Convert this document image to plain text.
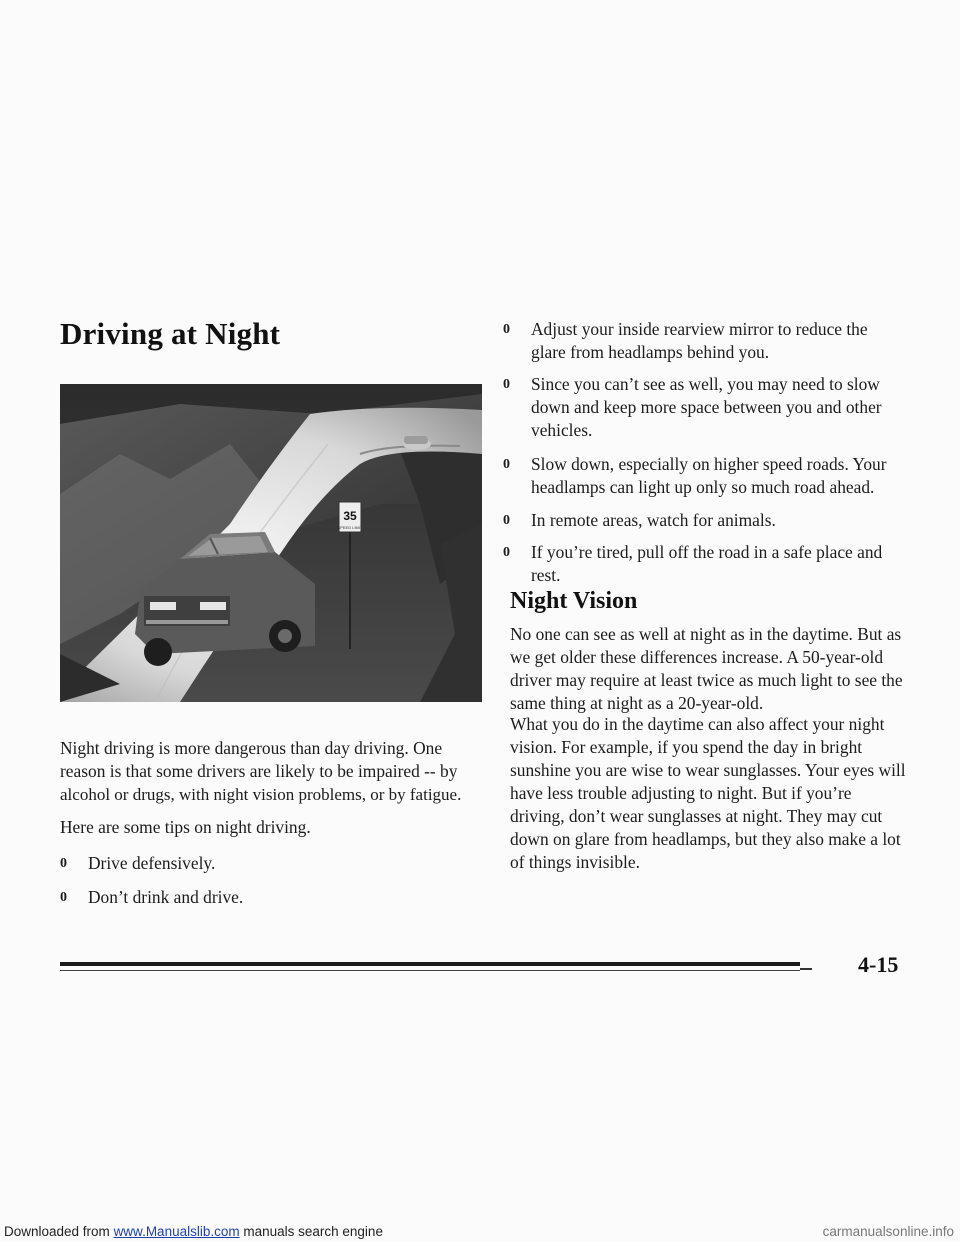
Driving at Night
35
SPEED LIMIT

Night driving is more dangerous than day driving. One
reason is that some drivers are likely to be impaired -- by
alcohol or drugs, with night vision problems, or by fatigue.

Here are some tips on night driving.

0 Drive defensively.
0 Don’t drink and drive.
0 Adjust your inside rearview mirror to reduce the
glare from headlamps behind you.
0 Since you can’t see as well, you may need to slow
down and keep more space between you and other
vehicles.
0 Slow down, especially on higher speed roads. Your
headlamps can light up only so much road ahead.
0 In remote areas, watch for animals.
0 If you’re tired, pull off the road in a safe place and
rest.
Night Vision

No one can see as well at night as in the daytime. But as
we get older these differences increase. A 50-year-old
driver may require at least twice as much light to see the
same thing at night as a 20-year-old.

What you do in the daytime can also affect your night
vision. For example, if you spend the day in bright
sunshine you are wise to wear sunglasses. Your eyes will
have less trouble adjusting to night. But if you’re
driving, don’t wear sunglasses at night. They may cut
down on glare from headlamps, but they also make a lot
of things invisible.

4-15
Downloaded from www.Manualslib.com manuals search engine	carmanualsonline.info
